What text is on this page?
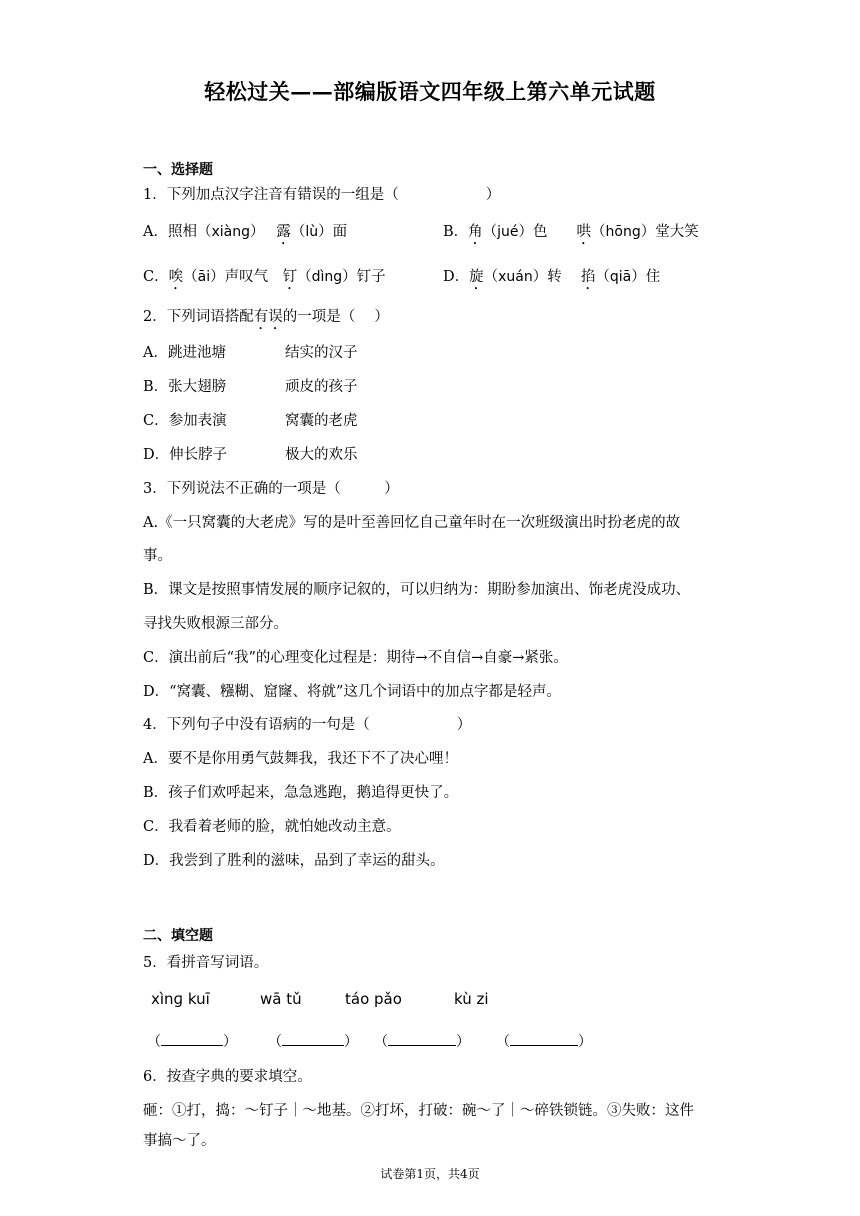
轻松过关——部编版语文四年级上第六单元试题
一、选择题
1．下列加点汉字注音有错误的一组是（　　　　　　）
A．照相（xiàng）　 露（lù）面	B．角（jué）色　　哄（hōng）堂大笑
C．唉（āi）声叹气　钉（dìng）钉子	D．旋（xuán）转　 掐（qiā）住
2．下列词语搭配有误的一项是（　 ）
A．跳进池塘	结实的汉子
B．张大翅膀	顽皮的孩子
C．参加表演	窝囊的老虎
D．伸长脖子	极大的欢乐
3．下列说法不正确的一项是（　　　）
A.《一只窝囊的大老虎》写的是叶至善回忆自己童年时在一次班级演出时扮老虎的故
事。
B．课文是按照事情发展的顺序记叙的，可以归纳为：期盼参加演出、饰老虎没成功、
寻找失败根源三部分。
C．演出前后“我”的心理变化过程是：期待→不自信→自豪→紧张。
D．“窝囊、糨糊、窟窿、将就”这几个词语中的加点字都是轻声。
4．下列句子中没有语病的一句是（　　　　　　）
A．要不是你用勇气鼓舞我，我还下不了决心哩！
B．孩子们欢呼起来，急急逃跑，鹅追得更快了。
C．我看着老师的脸，就怕她改动主意。
D．我尝到了胜利的滋味，品到了幸运的甜头。
二、填空题
5．看拼音写词语。
xìnɡ kuī	wā tǔ	táo pǎo	kù zi
（	） （	） （	） （	）
6．按查字典的要求填空。
砸：①打，捣：～钉子｜～地基。②打坏，打破：碗～了｜～碎铁锁链。③失败：这件
事搞～了。
试卷第1页，共4页
